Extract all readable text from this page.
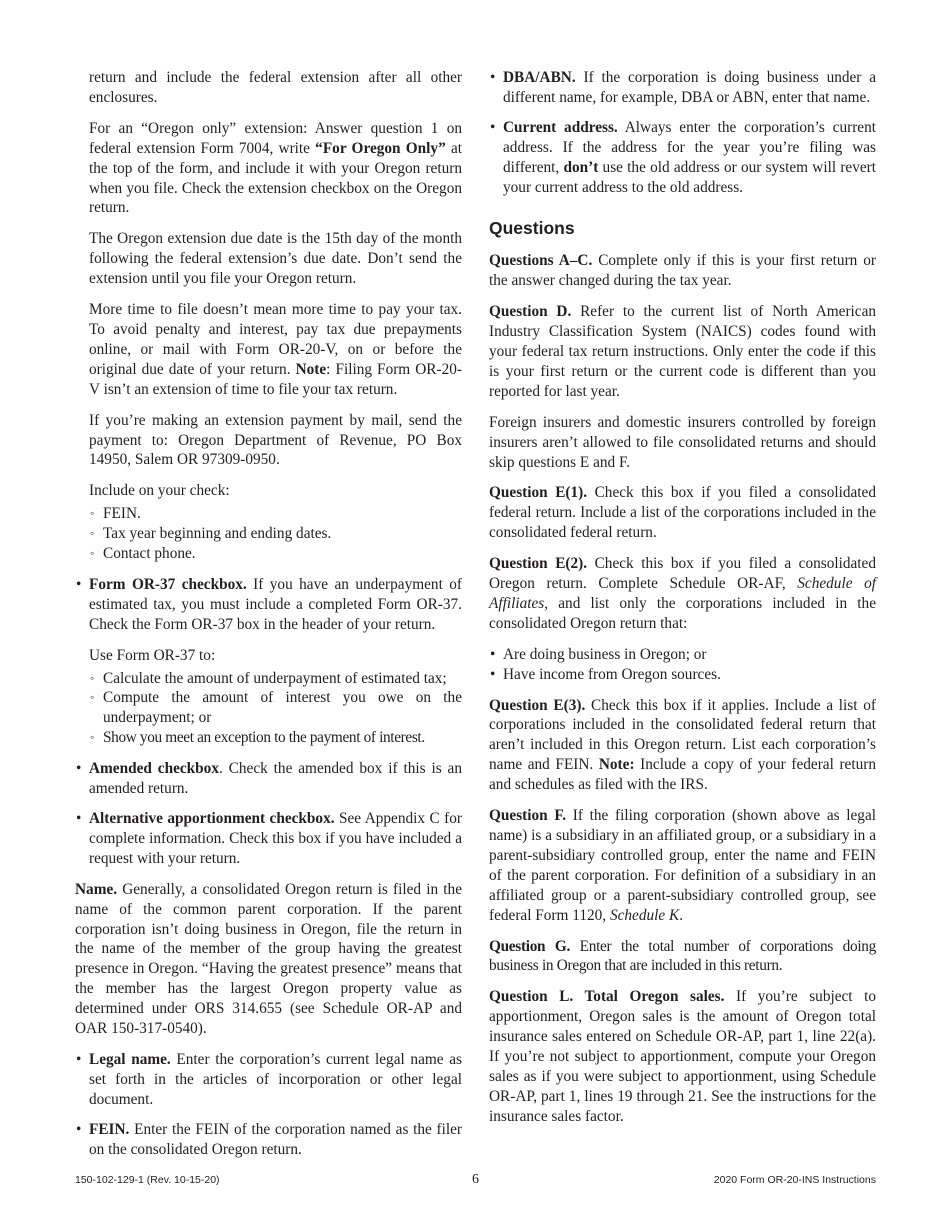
return and include the federal extension after all other enclosures.

For an “Oregon only” extension: Answer question 1 on federal extension Form 7004, write “For Oregon Only” at the top of the form, and include it with your Oregon return when you file. Check the extension checkbox on the Oregon return.

The Oregon extension due date is the 15th day of the month following the federal extension’s due date. Don’t send the extension until you file your Oregon return.

More time to file doesn’t mean more time to pay your tax. To avoid penalty and interest, pay tax due prepayments online, or mail with Form OR-20-V, on or before the original due date of your return. Note: Filing Form OR-20-V isn’t an extension of time to file your tax return.

If you’re making an extension payment by mail, send the payment to: Oregon Department of Revenue, PO Box 14950, Salem OR 97309-0950.

Include on your check:

◦ FEIN.
◦ Tax year beginning and ending dates.
◦ Contact phone.
• Form OR-37 checkbox. If you have an underpayment of estimated tax, you must include a completed Form OR-37. Check the Form OR-37 box in the header of your return.

Use Form OR-37 to:

◦ Calculate the amount of underpayment of estimated tax;
◦ Compute the amount of interest you owe on the underpayment; or
◦ Show you meet an exception to the payment of interest.
• Amended checkbox. Check the amended box if this is an amended return.
• Alternative apportionment checkbox. See Appendix C for complete information. Check this box if you have included a request with your return.

Name. Generally, a consolidated Oregon return is filed in the name of the common parent corporation. If the parent corporation isn’t doing business in Oregon, file the return in the name of the member of the group having the greatest presence in Oregon. “Having the greatest presence” means that the member has the largest Oregon property value as determined under ORS 314.655 (see Schedule OR-AP and OAR 150-317-0540).

• Legal name. Enter the corporation’s current legal name as set forth in the articles of incorporation or other legal document.
• FEIN. Enter the FEIN of the corporation named as the filer on the consolidated Oregon return.
• DBA/ABN. If the corporation is doing business under a different name, for example, DBA or ABN, enter that name.
• Current address. Always enter the corporation’s current address. If the address for the year you’re filing was different, don’t use the old address or our system will revert your current address to the old address.
Questions

Questions A–C. Complete only if this is your first return or the answer changed during the tax year.

Question D. Refer to the current list of North American Industry Classification System (NAICS) codes found with your federal tax return instructions. Only enter the code if this is your first return or the current code is different than you reported for last year.

Foreign insurers and domestic insurers controlled by foreign insurers aren’t allowed to file consolidated returns and should skip questions E and F.

Question E(1). Check this box if you filed a consolidated federal return. Include a list of the corporations included in the consolidated federal return.

Question E(2). Check this box if you filed a consolidated Oregon return. Complete Schedule OR-AF, Schedule of Affiliates, and list only the corporations included in the consolidated Oregon return that:

• Are doing business in Oregon; or
• Have income from Oregon sources.

Question E(3). Check this box if it applies. Include a list of corporations included in the consolidated federal return that aren’t included in this Oregon return. List each corporation’s name and FEIN. Note: Include a copy of your federal return and schedules as filed with the IRS.

Question F. If the filing corporation (shown above as legal name) is a subsidiary in an affiliated group, or a subsidiary in a parent-subsidiary controlled group, enter the name and FEIN of the parent corporation. For definition of a subsidiary in an affiliated group or a parent-subsidiary controlled group, see federal Form 1120, Schedule K.

Question G. Enter the total number of corporations doing business in Oregon that are included in this return.

Question L. Total Oregon sales. If you’re subject to apportionment, Oregon sales is the amount of Oregon total insurance sales entered on Schedule OR-AP, part 1, line 22(a). If you’re not subject to apportionment, compute your Oregon sales as if you were subject to apportionment, using Schedule OR-AP, part 1, lines 19 through 21. See the instructions for the insurance sales factor.

150-102-129-1 (Rev. 10-15-20)	6	2020 Form OR-20-INS Instructions
